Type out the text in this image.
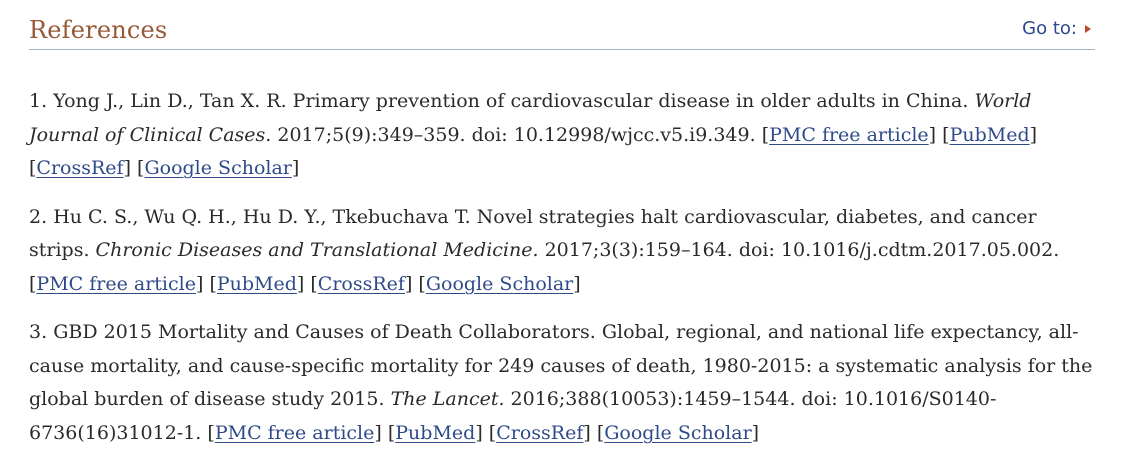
References	Go to:
1. Yong J., Lin D., Tan X. R. Primary prevention of cardiovascular disease in older adults in China. World Journal of Clinical Cases. 2017;5(9):349–359. doi: 10.12998/wjcc.v5.i9.349. [PMC free article] [PubMed] [CrossRef] [Google Scholar]
2. Hu C. S., Wu Q. H., Hu D. Y., Tkebuchava T. Novel strategies halt cardiovascular, diabetes, and cancer strips. Chronic Diseases and Translational Medicine. 2017;3(3):159–164. doi: 10.1016/j.cdtm.2017.05.002. [PMC free article] [PubMed] [CrossRef] [Google Scholar]
3. GBD 2015 Mortality and Causes of Death Collaborators. Global, regional, and national life expectancy, all-cause mortality, and cause-specific mortality for 249 causes of death, 1980-2015: a systematic analysis for the global burden of disease study 2015. The Lancet. 2016;388(10053):1459–1544. doi: 10.1016/S0140-6736(16)31012-1. [PMC free article] [PubMed] [CrossRef] [Google Scholar]
